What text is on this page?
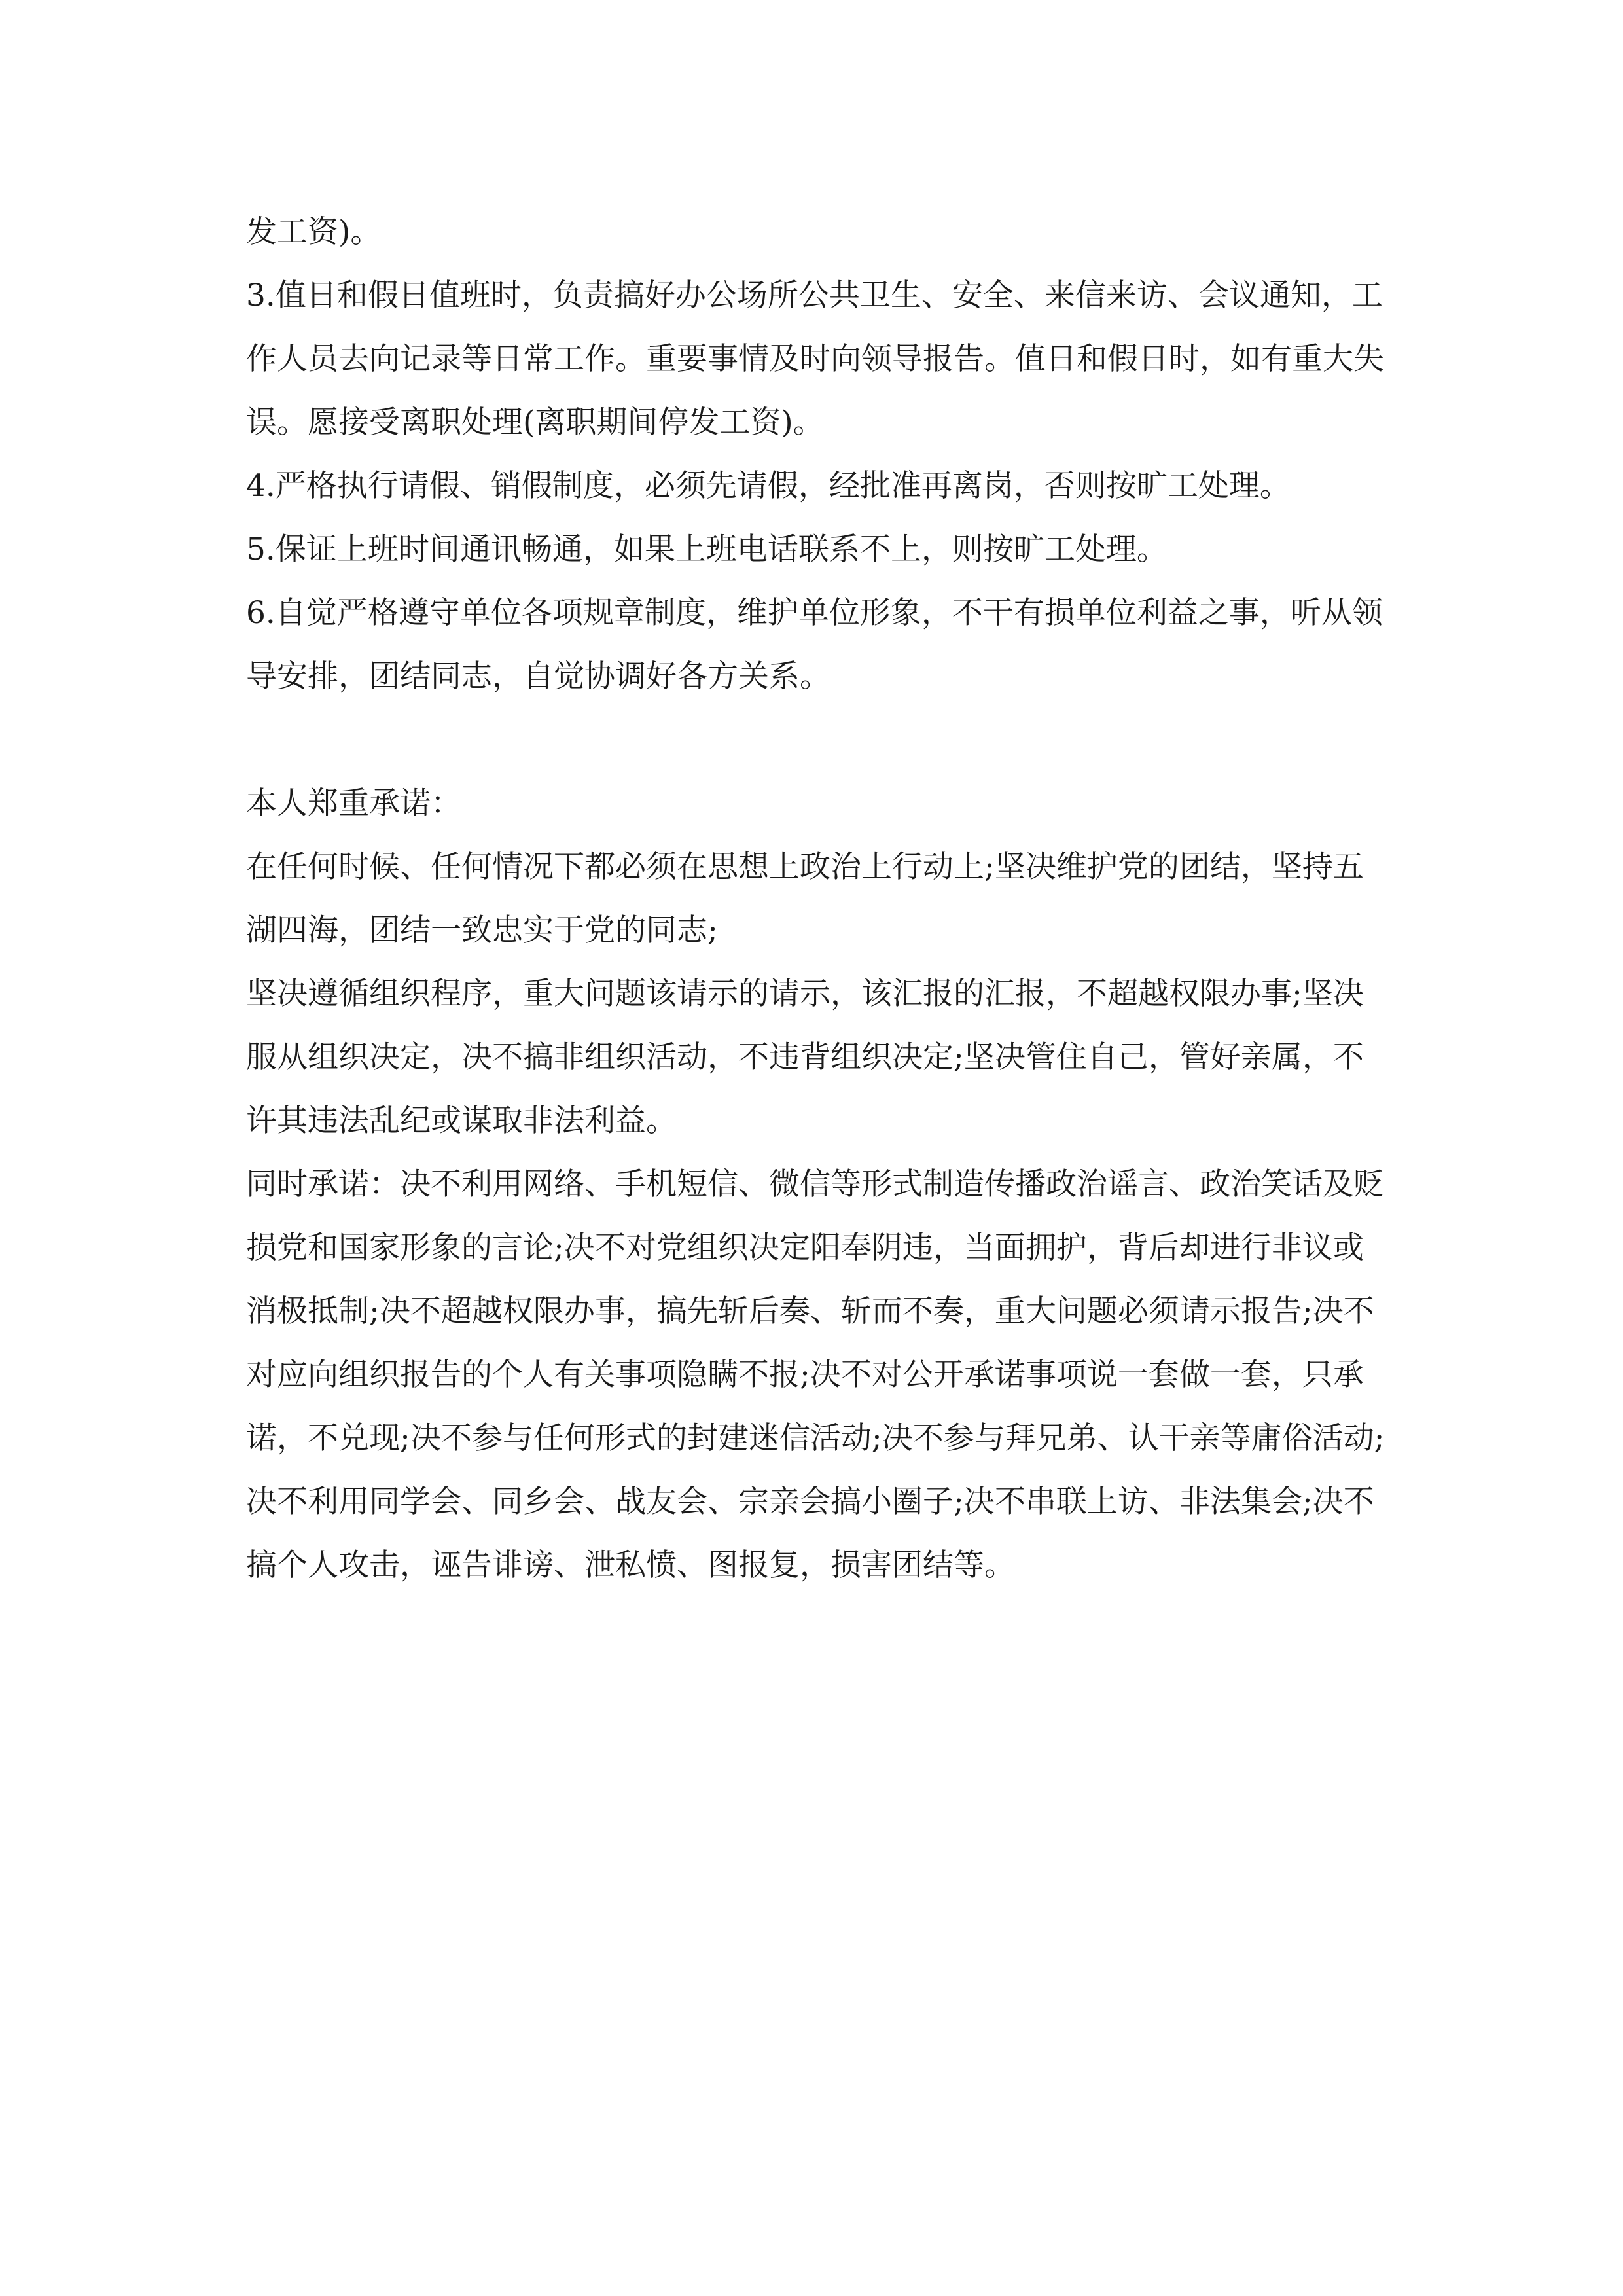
发工资)。

3.值日和假日值班时，负责搞好办公场所公共卫生、安全、来信来访、会议通知，工作人员去向记录等日常工作。重要事情及时向领导报告。值日和假日时，如有重大失误。愿接受离职处理(离职期间停发工资)。

4.严格执行请假、销假制度，必须先请假，经批准再离岗，否则按旷工处理。

5.保证上班时间通讯畅通，如果上班电话联系不上，则按旷工处理。

6.自觉严格遵守单位各项规章制度，维护单位形象，不干有损单位利益之事，听从领导安排，团结同志，自觉协调好各方关系。

本人郑重承诺：

在任何时候、任何情况下都必须在思想上政治上行动上;坚决维护党的团结，坚持五湖四海，团结一致忠实于党的同志;

坚决遵循组织程序，重大问题该请示的请示，该汇报的汇报，不超越权限办事;坚决服从组织决定，决不搞非组织活动，不违背组织决定;坚决管住自己，管好亲属，不许其违法乱纪或谋取非法利益。

同时承诺：决不利用网络、手机短信、微信等形式制造传播政治谣言、政治笑话及贬损党和国家形象的言论;决不对党组织决定阳奉阴违，当面拥护，背后却进行非议或消极抵制;决不超越权限办事，搞先斩后奏、斩而不奏，重大问题必须请示报告;决不对应向组织报告的个人有关事项隐瞒不报;决不对公开承诺事项说一套做一套，只承诺，不兑现;决不参与任何形式的封建迷信活动;决不参与拜兄弟、认干亲等庸俗活动;决不利用同学会、同乡会、战友会、宗亲会搞小圈子;决不串联上访、非法集会;决不搞个人攻击，诬告诽谤、泄私愤、图报复，损害团结等。
